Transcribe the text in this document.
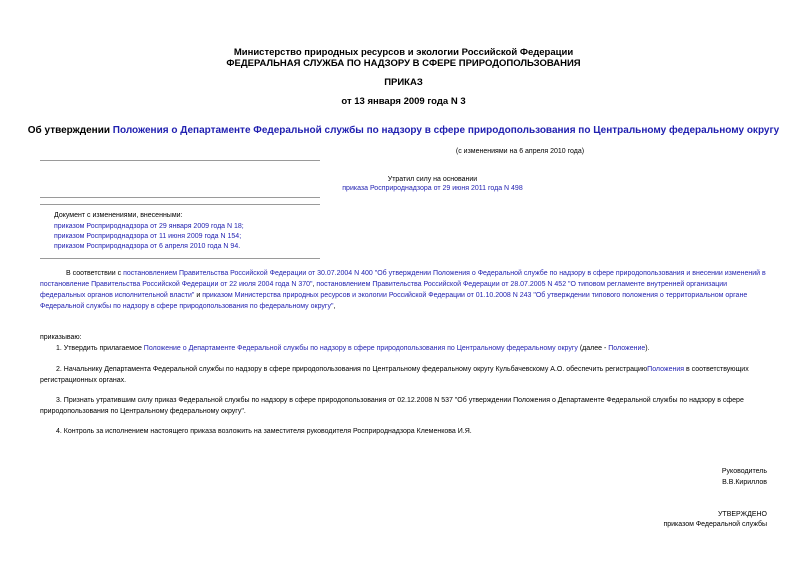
Министерство природных ресурсов и экологии Российской Федерации
ФЕДЕРАЛЬНАЯ СЛУЖБА ПО НАДЗОРУ В СФЕРЕ ПРИРОДОПОЛЬЗОВАНИЯ
ПРИКАЗ
от 13 января 2009 года N 3
Об утверждении Положения о Департаменте Федеральной службы по надзору в сфере природопользования по Центральному федеральному округу
(с изменениями на 6 апреля 2010 года)
Утратил силу на основании
приказа Росприроднадзора от 29 июня 2011 года N 498
Документ с изменениями, внесенными:
приказом Росприроднадзора от 29 января 2009 года N 18;
приказом Росприроднадзора от 11 июня 2009 года N 154;
приказом Росприроднадзора от 6 апреля 2010 года N 94.
В соответствии с постановлением Правительства Российской Федерации от 30.07.2004 N 400 "Об утверждении Положения о Федеральной службе по надзору в сфере природопользования и внесении изменений в постановление Правительства Российской Федерации от 22 июля 2004 года N 370", постановлением Правительства Российской Федерации от 28.07.2005 N 452 "О типовом регламенте внутренней организации федеральных органов исполнительной власти" и приказом Министерства природных ресурсов и экологии Российской Федерации от 01.10.2008 N 243 "Об утверждении типового положения о территориальном органе Федеральной службы по надзору в сфере природопользования по федеральному округу",
приказываю:
1. Утвердить прилагаемое Положение о Департаменте Федеральной службы по надзору в сфере природопользования по Центральному федеральному округу (далее - Положение).
2. Начальнику Департамента Федеральной службы по надзору в сфере природопользования по Центральному федеральному округу Кульбачевскому А.О. обеспечить регистрациюПоложения в соответствующих регистрационных органах.
3. Признать утратившим силу приказ Федеральной службы по надзору в сфере природопользования от 02.12.2008 N 537 "Об утверждении Положения о Департаменте Федеральной службы по надзору в сфере природопользования по Центральному федеральному округу".
4. Контроль за исполнением настоящего приказа возложить на заместителя руководителя Росприроднадзора Клеменкова И.Я.
Руководитель
В.В.Кириллов
УТВЕРЖДЕНО
приказом Федеральной службы
